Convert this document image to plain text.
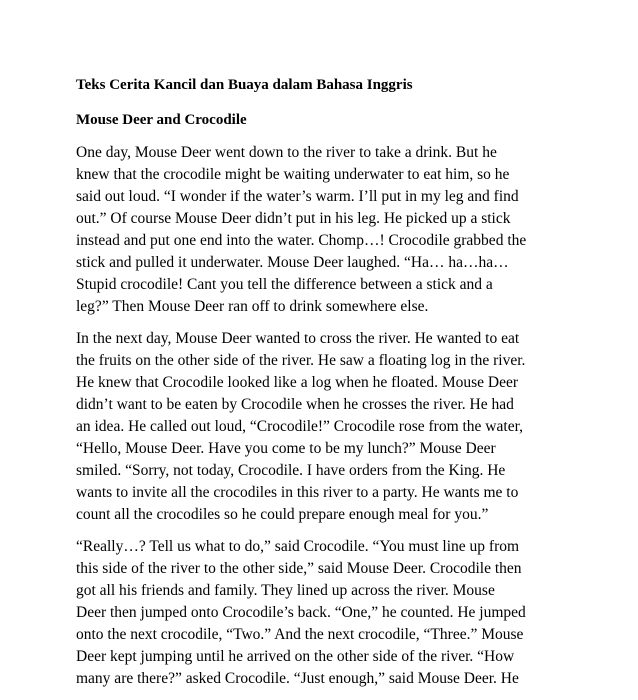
Teks Cerita Kancil dan Buaya dalam Bahasa Inggris
Mouse Deer and Crocodile
One day, Mouse Deer went down to the river to take a drink. But he
knew that the crocodile might be waiting underwater to eat him, so he
said out loud. “I wonder if the water’s warm. I’ll put in my leg and find
out.” Of course Mouse Deer didn’t put in his leg. He picked up a stick
instead and put one end into the water. Chomp…! Crocodile grabbed the
stick and pulled it underwater. Mouse Deer laughed. “Ha… ha…ha…
Stupid crocodile! Cant you tell the difference between a stick and a
leg?” Then Mouse Deer ran off to drink somewhere else.
In the next day, Mouse Deer wanted to cross the river. He wanted to eat
the fruits on the other side of the river. He saw a floating log in the river.
He knew that Crocodile looked like a log when he floated. Mouse Deer
didn’t want to be eaten by Crocodile when he crosses the river. He had
an idea. He called out loud, “Crocodile!” Crocodile rose from the water,
“Hello, Mouse Deer. Have you come to be my lunch?” Mouse Deer
smiled. “Sorry, not today, Crocodile. I have orders from the King. He
wants to invite all the crocodiles in this river to a party. He wants me to
count all the crocodiles so he could prepare enough meal for you.”
“Really…? Tell us what to do,” said Crocodile. “You must line up from
this side of the river to the other side,” said Mouse Deer. Crocodile then
got all his friends and family. They lined up across the river. Mouse
Deer then jumped onto Crocodile’s back. “One,” he counted. He jumped
onto the next crocodile, “Two.” And the next crocodile, “Three.” Mouse
Deer kept jumping until he arrived on the other side of the river. “How
many are there?” asked Crocodile. “Just enough,” said Mouse Deer. He
